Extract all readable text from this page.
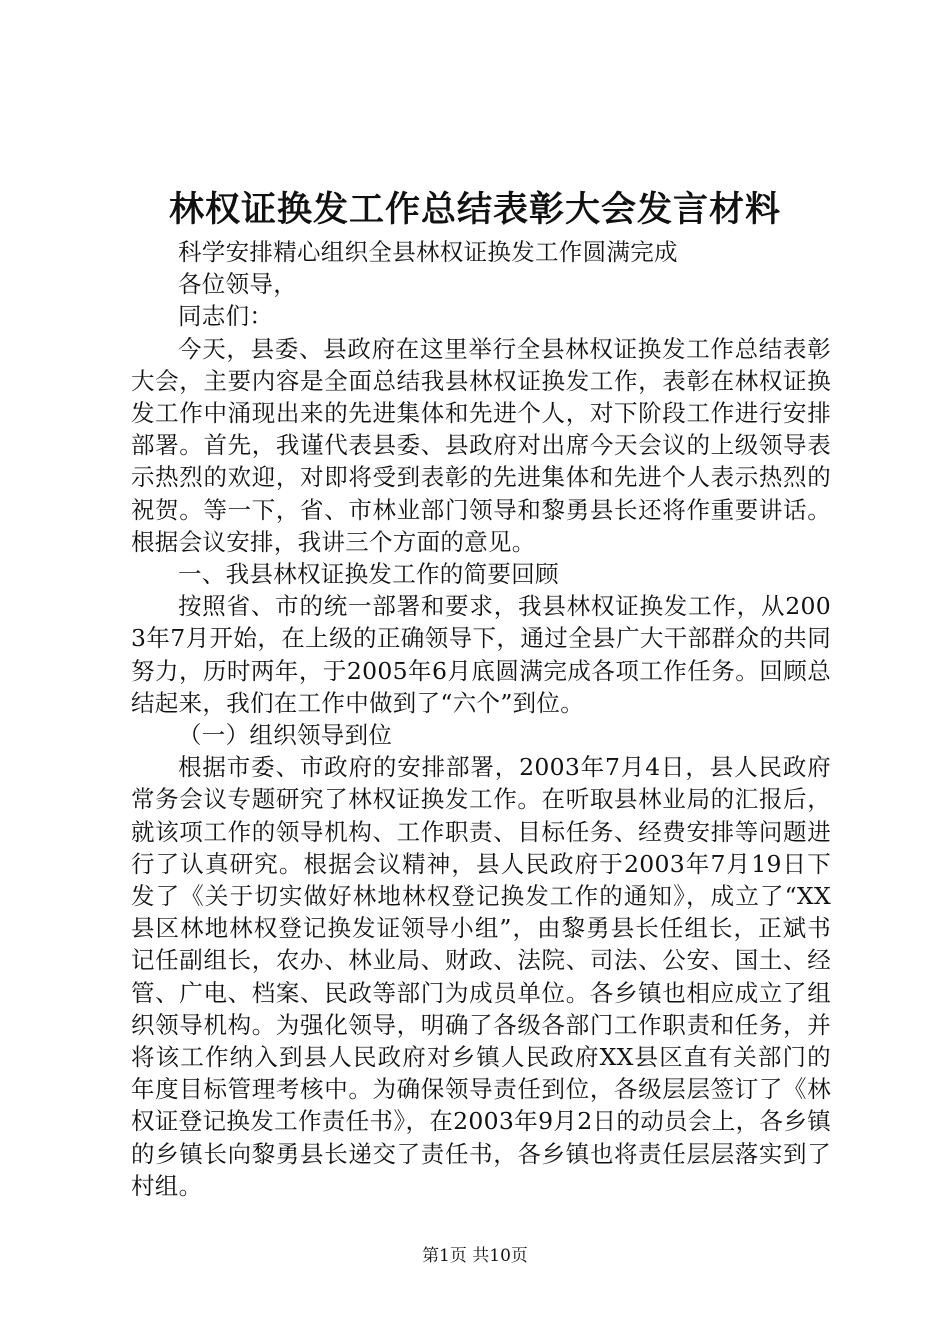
林权证换发工作总结表彰大会发言材料

科学安排精心组织全县林权证换发工作圆满完成

各位领导，

同志们：

今天，县委、县政府在这里举行全县林权证换发工作总结表彰大会，主要内容是全面总结我县林权证换发工作，表彰在林权证换发工作中涌现出来的先进集体和先进个人，对下阶段工作进行安排部署。首先，我谨代表县委、县政府对出席今天会议的上级领导表示热烈的欢迎，对即将受到表彰的先进集体和先进个人表示热烈的祝贺。等一下，省、市林业部门领导和黎勇县长还将作重要讲话。根据会议安排，我讲三个方面的意见。

一、我县林权证换发工作的简要回顾

按照省、市的统一部署和要求，我县林权证换发工作，从2003年7月开始，在上级的正确领导下，通过全县广大干部群众的共同努力，历时两年，于2005年6月底圆满完成各项工作任务。回顾总结起来，我们在工作中做到了“六个”到位。

（一）组织领导到位

根据市委、市政府的安排部署，2003年7月4日，县人民政府常务会议专题研究了林权证换发工作。在听取县林业局的汇报后，就该项工作的领导机构、工作职责、目标任务、经费安排等问题进行了认真研究。根据会议精神，县人民政府于2003年7月19日下发了《关于切实做好林地林权登记换发工作的通知》，成立了“XX县区林地林权登记换发证领导小组”，由黎勇县长任组长，正斌书记任副组长，农办、林业局、财政、法院、司法、公安、国土、经管、广电、档案、民政等部门为成员单位。各乡镇也相应成立了组织领导机构。为强化领导，明确了各级各部门工作职责和任务，并将该工作纳入到县人民政府对乡镇人民政府XX县区直有关部门的年度目标管理考核中。为确保领导责任到位，各级层层签订了《林权证登记换发工作责任书》，在2003年9月2日的动员会上，各乡镇的乡镇长向黎勇县长递交了责任书，各乡镇也将责任层层落实到了村组。

第1页 共10页
